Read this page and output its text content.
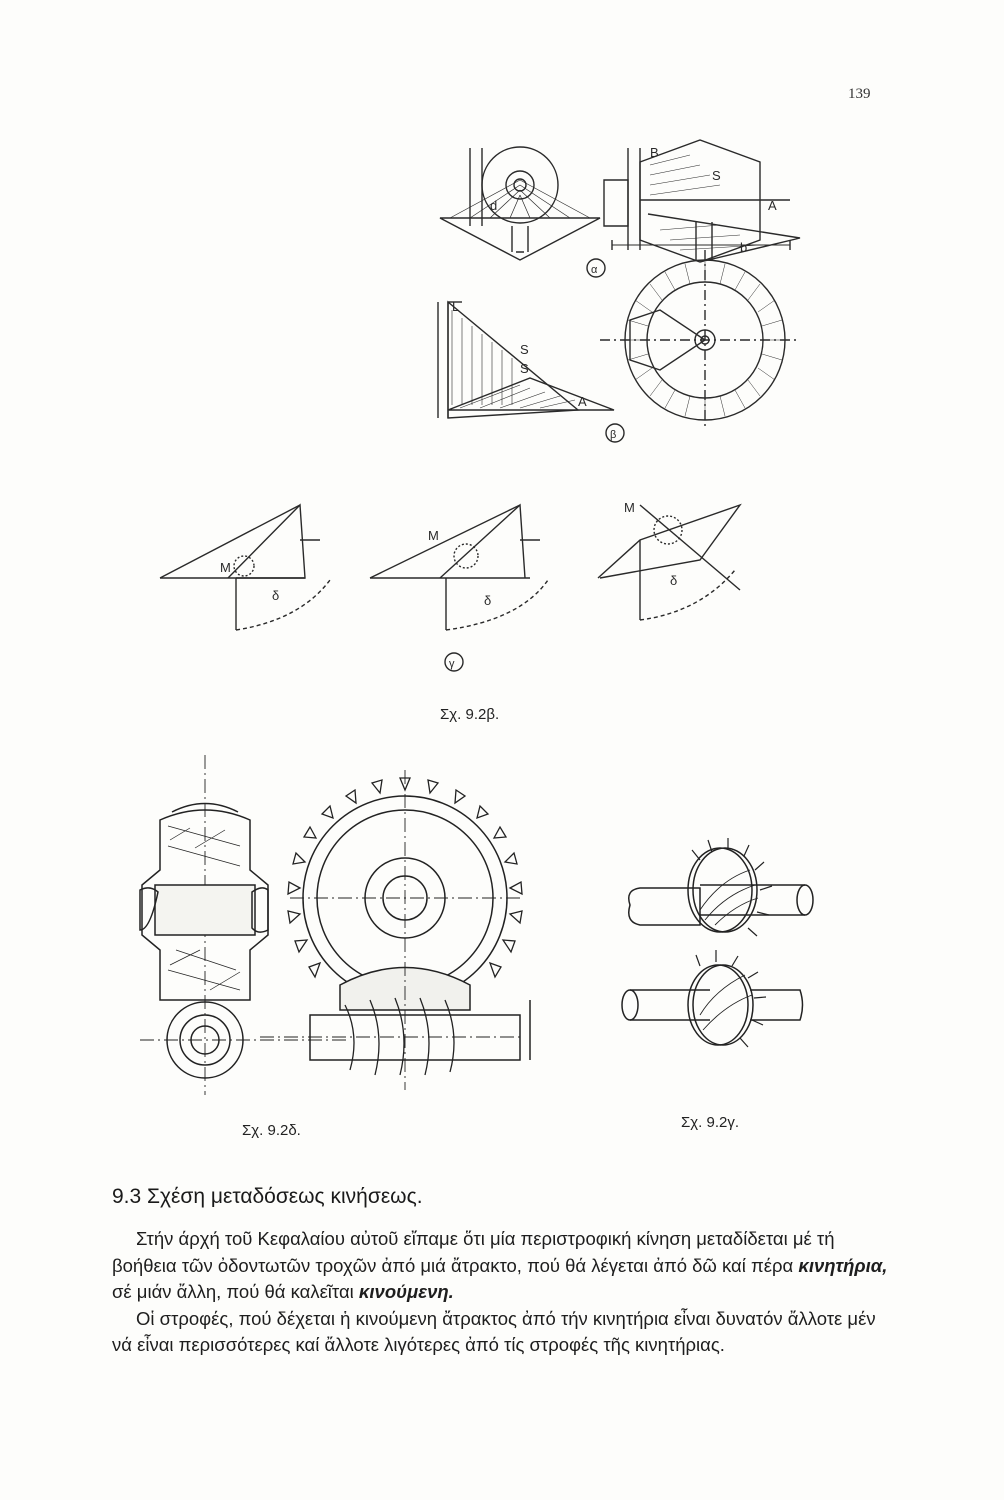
139
B
S
A
d
b
α
L
S
S
A
β
M
δ
M
δ
M
δ
γ
Σχ. 9.2β.
Σχ. 9.2δ.	Σχ. 9.2γ.
9.3 Σχέση μεταδόσεως κινήσεως.

Στήν άρχή τοῦ Κεφαλαίου αὐτοῦ εἴπαμε ὅτι μία περιστροφική κίνηση μεταδίδεται μέ τή βοήθεια τῶν ὀδοντωτῶν τροχῶν ἀπό μιά ἄτρακτο, πού θά λέγεται ἀπό δῶ καί πέρα κινητήρια, σέ μιάν ἄλλη, πού θά καλεῖται κινούμενη.

Οἱ στροφές, πού δέχεται ἡ κινούμενη ἄτρακτος ἀπό τήν κινητήρια εἶναι δυνατόν ἄλλοτε μέν νά εἶναι περισσότερες καί ἄλλοτε λιγότερες ἀπό τίς στροφές τῆς κινητήριας.
